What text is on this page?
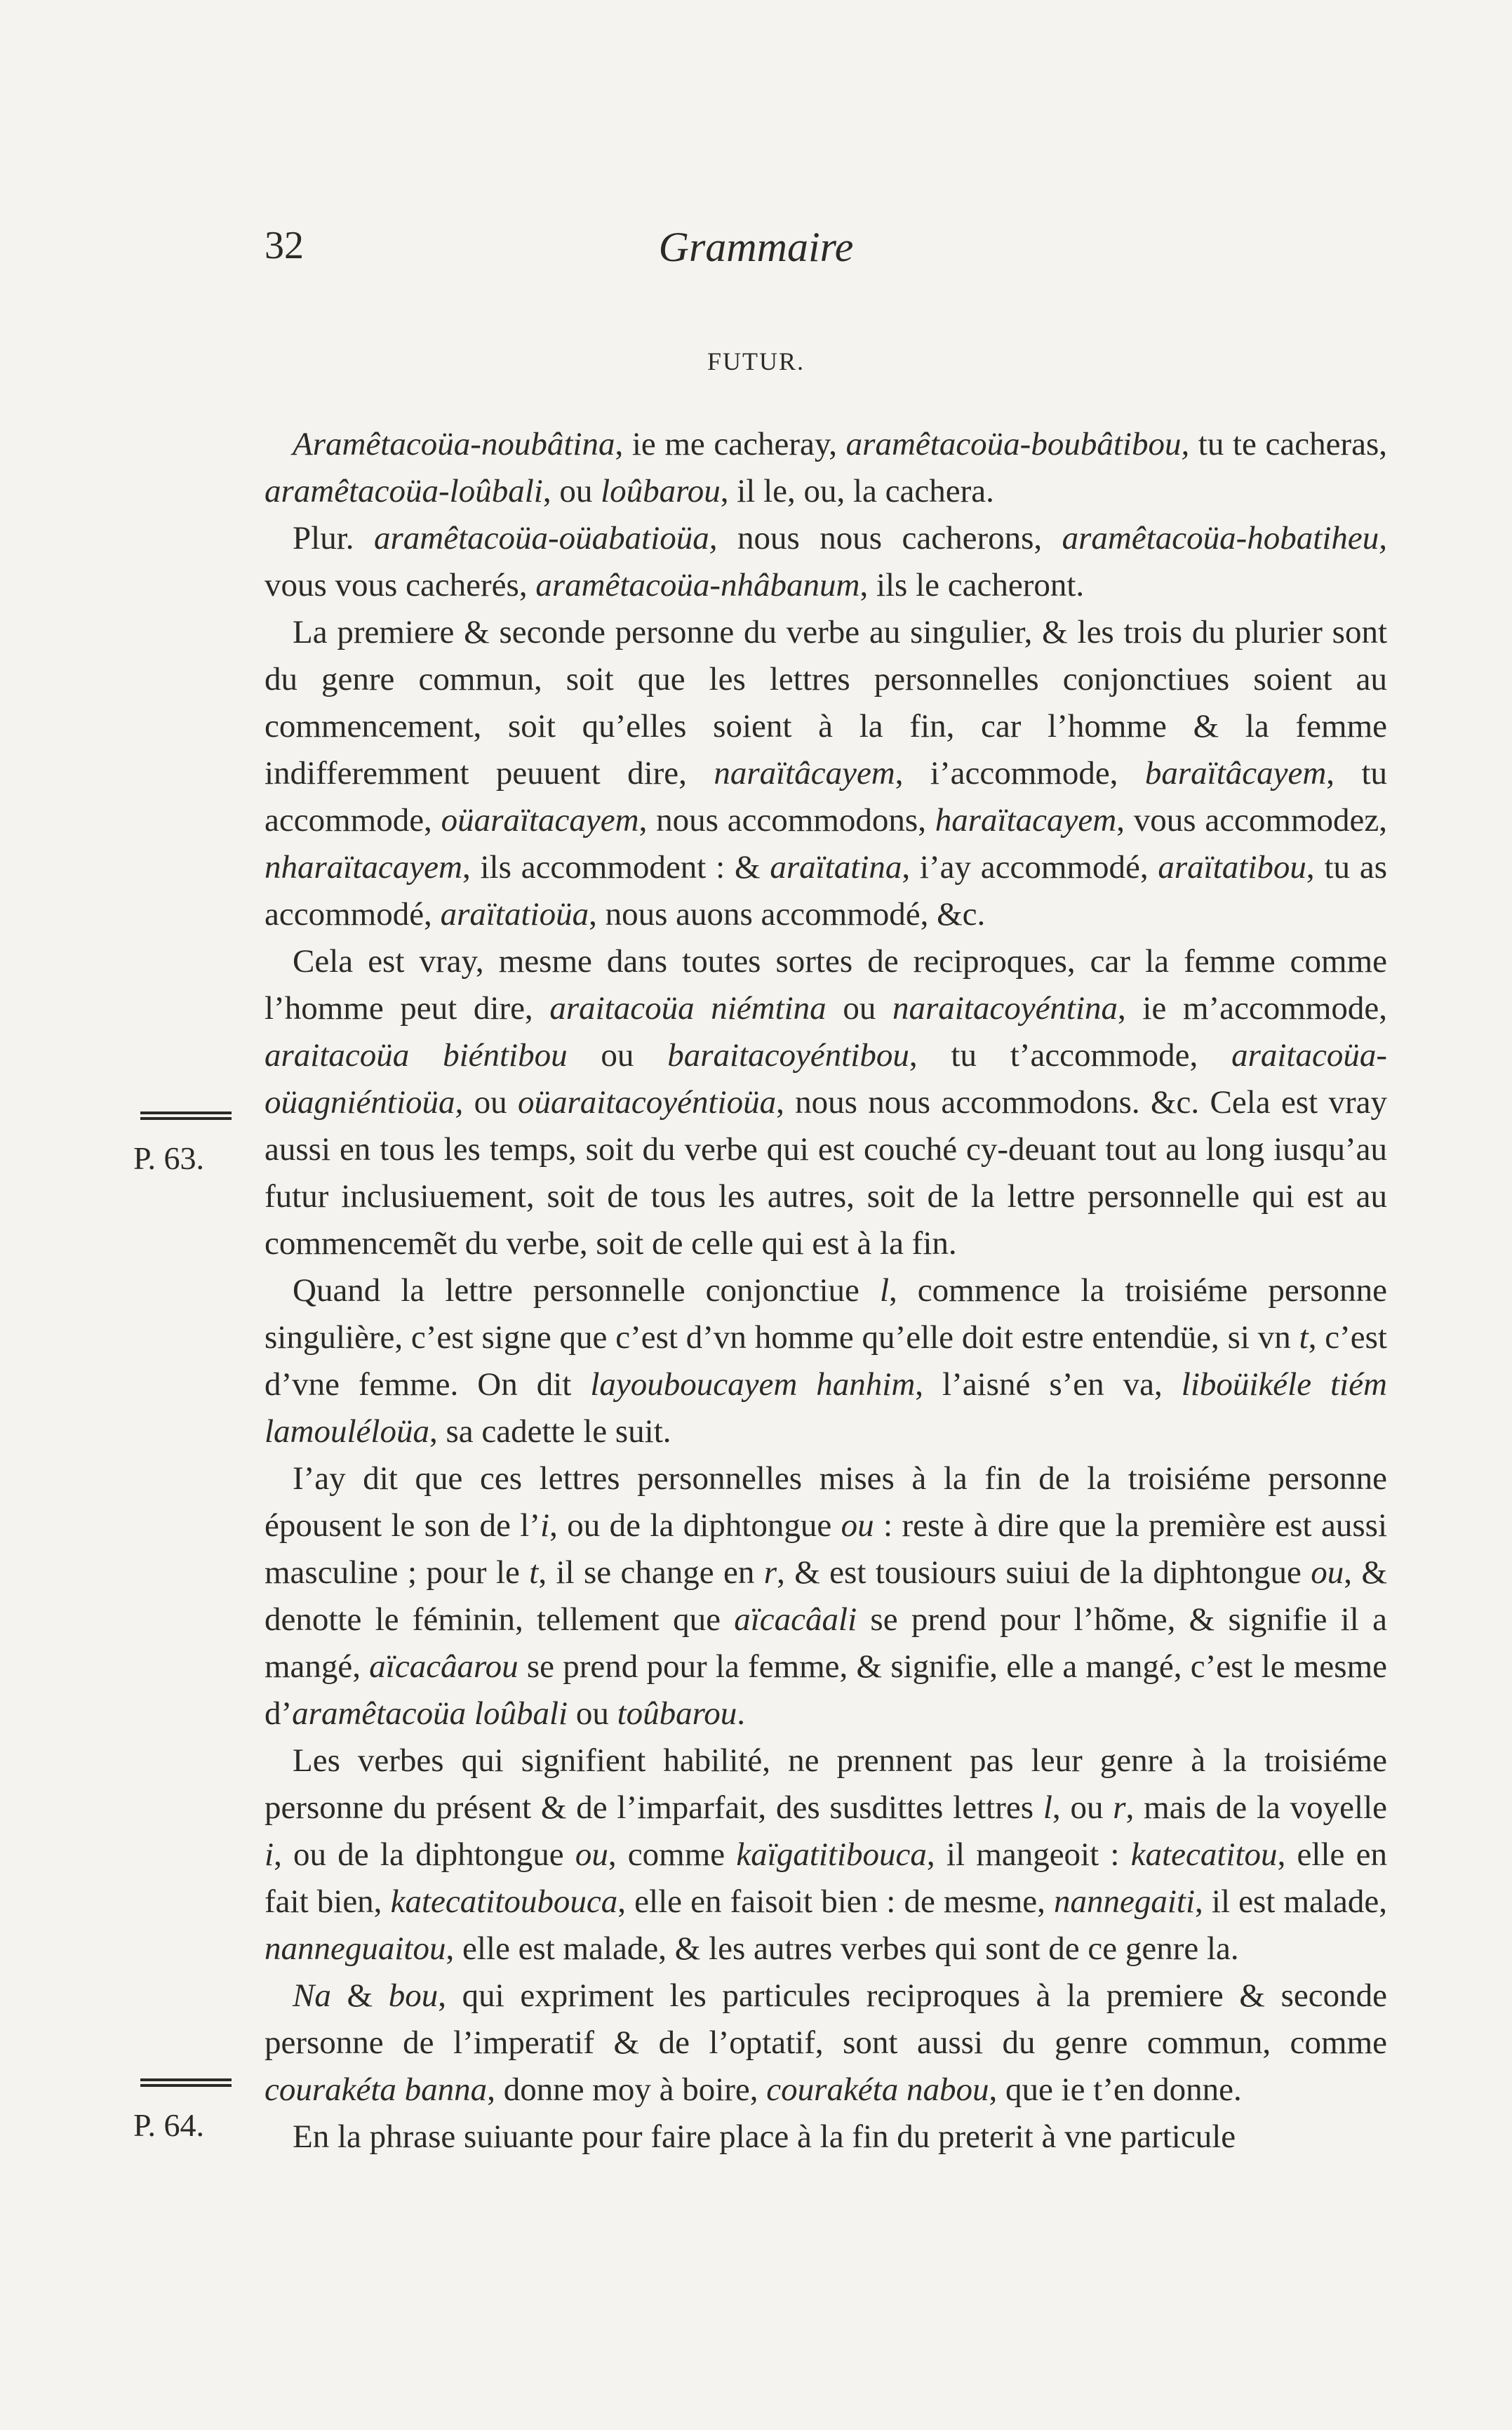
32	Grammaire
FUTUR.

Aramêtacoüa-noubâtina, ie me cacheray, aramêtacoüa-boubâtibou, tu te cacheras, aramêtacoüa-loûbali, ou loûbarou, il le, ou, la cachera.

Plur. aramêtacoüa-oüabatioüa, nous nous cacherons, aramêtacoüa-hobatiheu, vous vous cacherés, aramêtacoüa-nhâbanum, ils le cacheront.

La premiere & seconde personne du verbe au singulier, & les trois du plurier sont du genre commun, soit que les lettres personnelles conjonctiues soient au commencement, soit qu’elles soient à la fin, car l’homme & la femme indifferemment peuuent dire, naraïtâcayem, i’accommode, baraïtâcayem, tu accommode, oüaraïtacayem, nous accommodons, haraïtacayem, vous accommodez, nharaïtacayem, ils accommodent : & araïtatina, i’ay accommodé, araïtatibou, tu as accommodé, araïtatioüa, nous auons accommodé, &c.

Cela est vray, mesme dans toutes sortes de reciproques, car la femme comme l’homme peut dire, araitacoüa niémtina ou naraitacoyéntina, ie m’accommode, araitacoüa biéntibou ou baraitacoyéntibou, tu t’accommode, araitacoüa-oüagniéntioüa, ou oüaraitacoyéntioüa, nous nous accommodons. &c. Cela est vray aussi en tous les temps, soit du verbe qui est couché cy-deuant tout au long iusqu’au futur inclusiuement, soit de tous les autres, soit de la lettre personnelle qui est au commencemẽt du verbe, soit de celle qui est à la fin.

Quand la lettre personnelle conjonctiue l, commence la troisiéme personne singulière, c’est signe que c’est d’vn homme qu’elle doit estre entendüe, si vn t, c’est d’vne femme. On dit layouboucayem hanhim, l’aisné s’en va, liboüikéle tiém lamouléloüa, sa cadette le suit.

I’ay dit que ces lettres personnelles mises à la fin de la troisiéme personne épousent le son de l’i, ou de la diphtongue ou : reste à dire que la première est aussi masculine ; pour le t, il se change en r, & est tousiours suiui de la diphtongue ou, & denotte le féminin, tellement que aïcacâali se prend pour l’hõme, & signifie il a mangé, aïcacâarou se prend pour la femme, & signifie, elle a mangé, c’est le mesme d’aramêtacoüa loûbali ou toûbarou.

Les verbes qui signifient habilité, ne prennent pas leur genre à la troisiéme personne du présent & de l’imparfait, des susdittes lettres l, ou r, mais de la voyelle i, ou de la diphtongue ou, comme kaïgatitibouca, il mangeoit : katecatitou, elle en fait bien, katecatitoubouca, elle en faisoit bien : de mesme, nannegaiti, il est malade, nanneguaitou, elle est malade, & les autres verbes qui sont de ce genre la.

Na & bou, qui expriment les particules reciproques à la premiere & seconde personne de l’imperatif & de l’optatif, sont aussi du genre commun, comme courakéta banna, donne moy à boire, courakéta nabou, que ie t’en donne.

En la phrase suiuante pour faire place à la fin du preterit à vne particule

P. 63.
P. 64.
